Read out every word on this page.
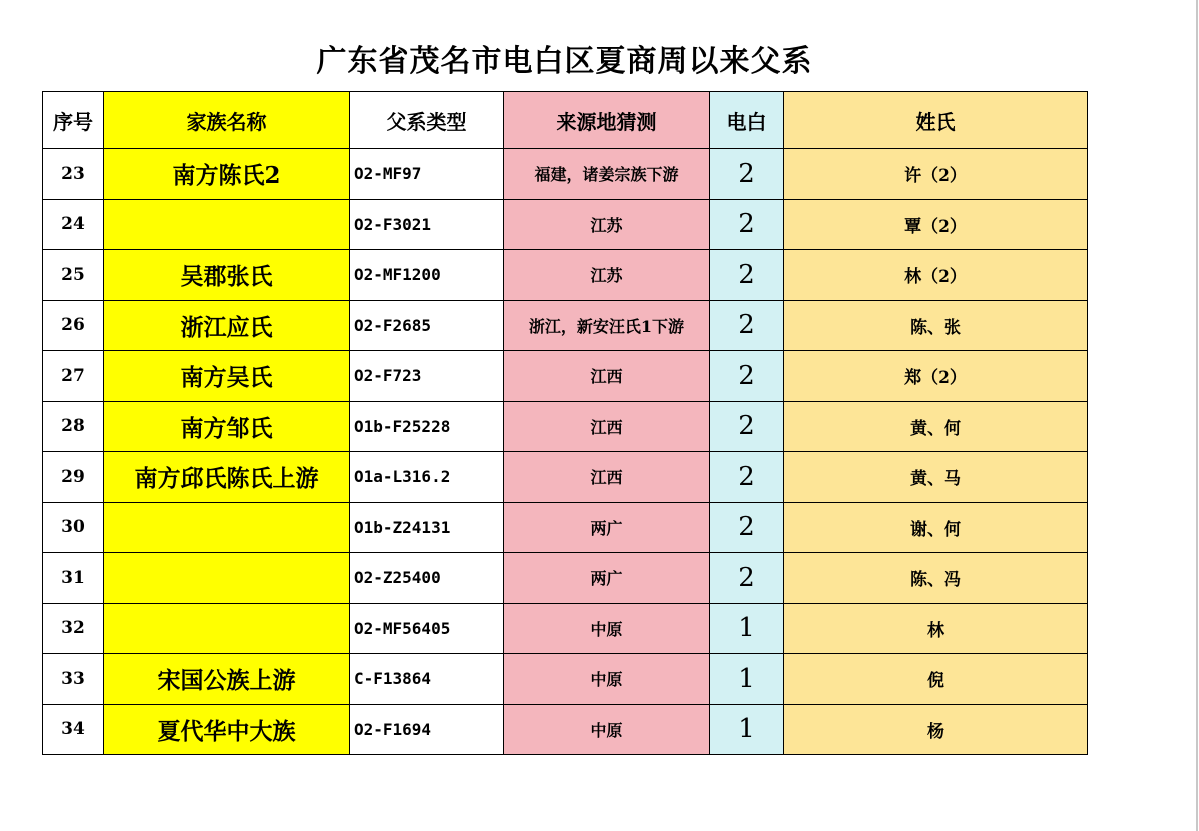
广东省茂名市电白区夏商周以来父系
序号	家族名称	父系类型	来源地猜测	电白	姓氏
23	南方陈氏2	O2-MF97	福建，诸姜宗族下游	2	许（2）
24		O2-F3021	江苏	2	覃（2）
25	吴郡张氏	O2-MF1200	江苏	2	林（2）
26	浙江应氏	O2-F2685	浙江，新安汪氏1下游	2	陈、张
27	南方吴氏	O2-F723	江西	2	郑（2）
28	南方邹氏	O1b-F25228	江西	2	黄、何
29	南方邱氏陈氏上游	O1a-L316.2	江西	2	黄、马
30		O1b-Z24131	两广	2	谢、何
31		O2-Z25400	两广	2	陈、冯
32		O2-MF56405	中原	1	林
33	宋国公族上游	C-F13864	中原	1	倪
34	夏代华中大族	O2-F1694	中原	1	杨
